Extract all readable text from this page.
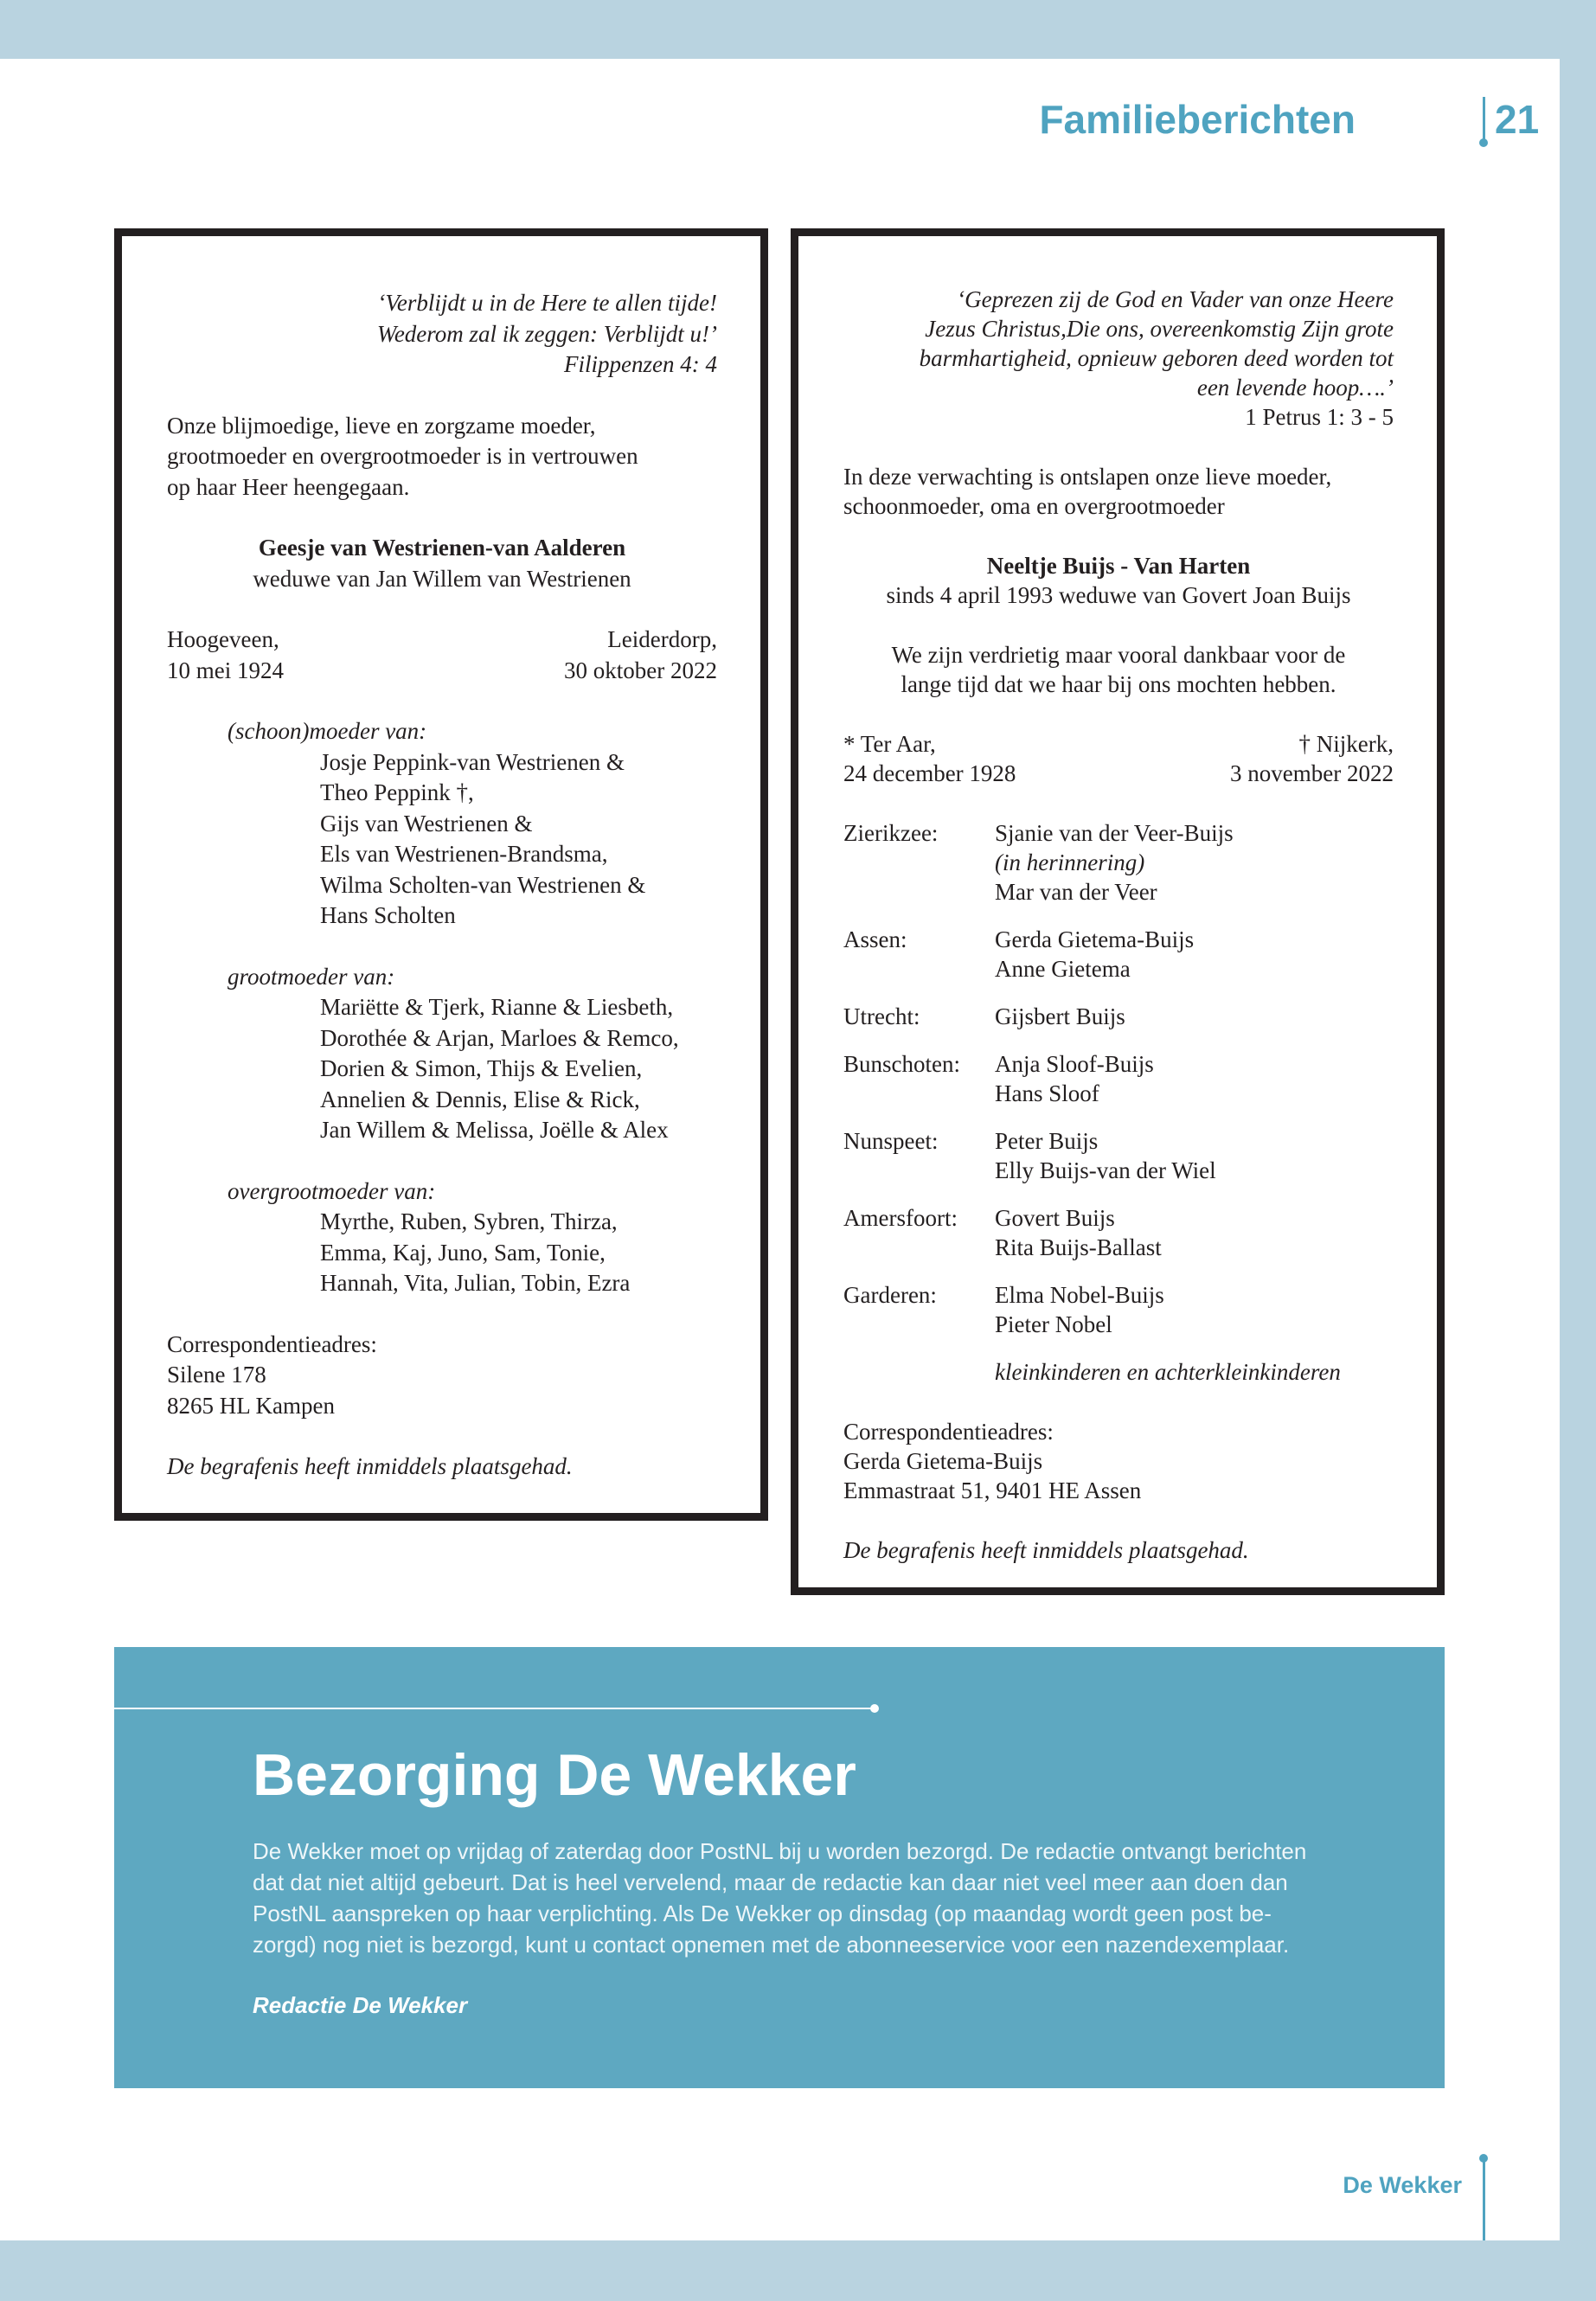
Familieberichten	21
‘Verblijdt u in de Here te allen tijde!
Wederom zal ik zeggen: Verblijdt u!’
Filippenzen 4: 4
Onze blijmoedige, lieve en zorgzame moeder,
grootmoeder en overgrootmoeder is in vertrouwen
op haar Heer heengegaan.
Geesje van Westrienen-van Aalderen
weduwe van Jan Willem van Westrienen
Hoogeveen,	Leiderdorp,
10 mei 1924	30 oktober 2022
(schoon)moeder van:
Josje Peppink-van Westrienen &
Theo Peppink †,
Gijs van Westrienen &
Els van Westrienen-Brandsma,
Wilma Scholten-van Westrienen &
Hans Scholten
grootmoeder van:
Mariëtte & Tjerk, Rianne & Liesbeth,
Dorothée & Arjan, Marloes & Remco,
Dorien & Simon, Thijs & Evelien,
Annelien & Dennis, Elise & Rick,
Jan Willem & Melissa, Joëlle & Alex
overgrootmoeder van:
Myrthe, Ruben, Sybren, Thirza,
Emma, Kaj, Juno, Sam, Tonie,
Hannah, Vita, Julian, Tobin, Ezra
Correspondentieadres:
Silene 178
8265 HL Kampen
De begrafenis heeft inmiddels plaatsgehad.
‘Geprezen zij de God en Vader van onze Heere
Jezus Christus,Die ons, overeenkomstig Zijn grote
barmhartigheid, opnieuw geboren deed worden tot
een levende hoop….’
1 Petrus 1: 3 - 5
In deze verwachting is ontslapen onze lieve moeder,
schoonmoeder, oma en overgrootmoeder
Neeltje Buijs - Van Harten
sinds 4 april 1993 weduwe van Govert Joan Buijs
We zijn verdrietig maar vooral dankbaar voor de
lange tijd dat we haar bij ons mochten hebben.
* Ter Aar,	† Nijkerk,
24 december 1928	3 november 2022
Zierikzee:	Sjanie van der Veer-Buijs
(in herinnering)
Mar van der Veer
Assen:	Gerda Gietema-Buijs
Anne Gietema
Utrecht:	Gijsbert Buijs
Bunschoten:	Anja Sloof-Buijs
Hans Sloof
Nunspeet:	Peter Buijs
Elly Buijs-van der Wiel
Amersfoort:	Govert Buijs
Rita Buijs-Ballast
Garderen:	Elma Nobel-Buijs
Pieter Nobel
kleinkinderen en achterkleinkinderen
Correspondentieadres:
Gerda Gietema-Buijs
Emmastraat 51, 9401 HE Assen
De begrafenis heeft inmiddels plaatsgehad.
Bezorging De Wekker
De Wekker moet op vrijdag of zaterdag door PostNL bij u worden bezorgd. De redactie ontvangt berichten
dat dat niet altijd gebeurt. Dat is heel vervelend, maar de redactie kan daar niet veel meer aan doen dan
PostNL aanspreken op haar verplichting. Als De Wekker op dinsdag (op maandag wordt geen post be-
zorgd) nog niet is bezorgd, kunt u contact opnemen met de abonneeservice voor een nazendexemplaar.
Redactie De Wekker
De Wekker
